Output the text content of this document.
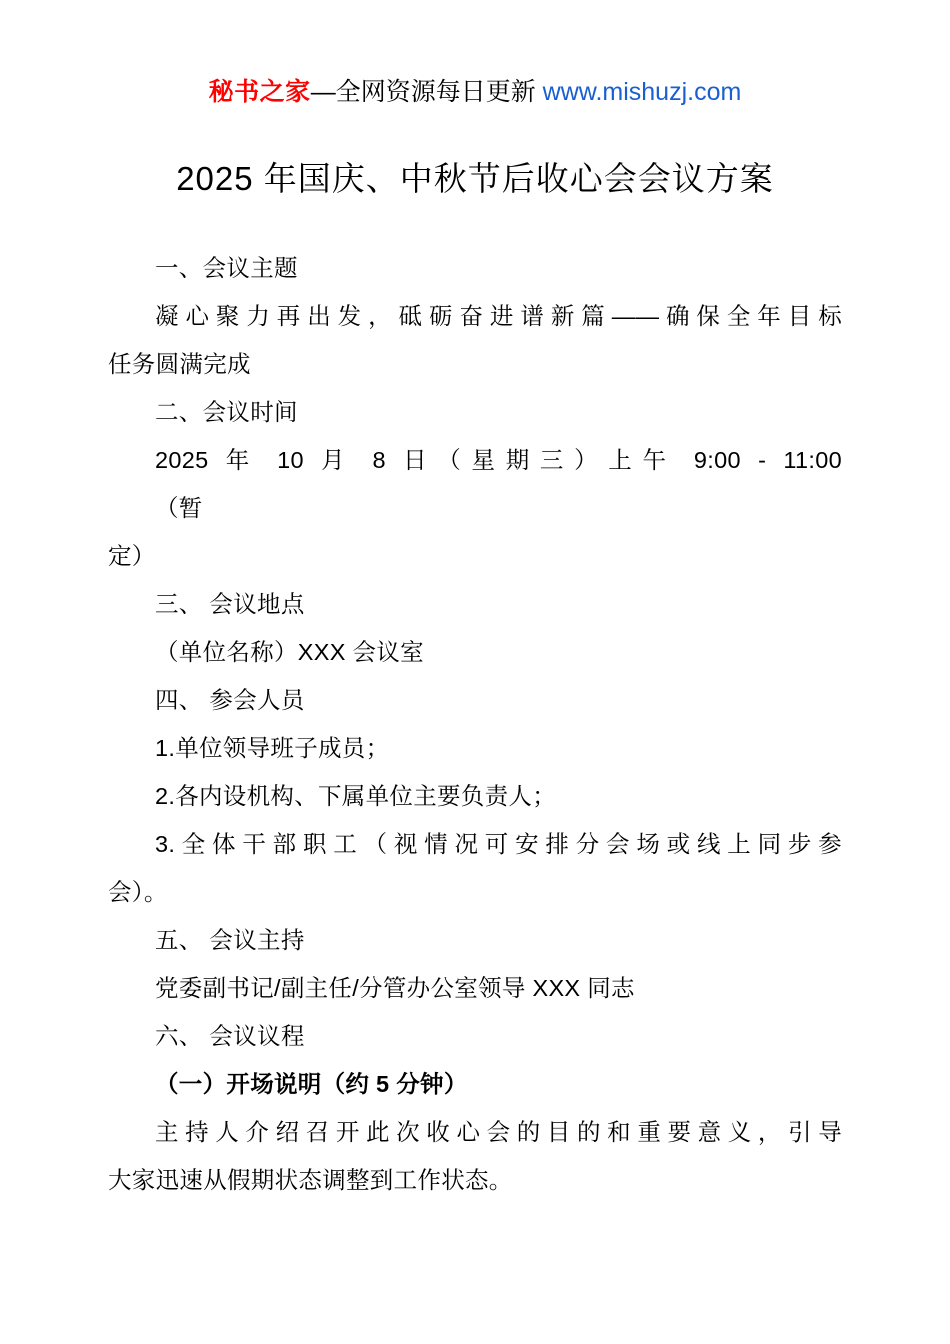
秘书之家—全网资源每日更新 www.mishuzj.com
2025 年国庆、中秋节后收心会会议方案

一、会议主题

凝心聚力再出发，砥砺奋进谱新篇——确保全年目标

任务圆满完成

二、会议时间

2025 年 10 月 8 日（星期三）上午 9:00 - 11:00

（暂

定）

三、 会议地点

（单位名称）XXX 会议室

四、 参会人员

1.单位领导班子成员；

2.各内设机构、下属单位主要负责人；

3.全体干部职工（视情况可安排分会场或线上同步参

会）。

五、 会议主持

党委副书记/副主任/分管办公室领导 XXX 同志

六、 会议议程

（一）开场说明（约 5 分钟）

主持人介绍召开此次收心会的目的和重要意义，引导

大家迅速从假期状态调整到工作状态。
